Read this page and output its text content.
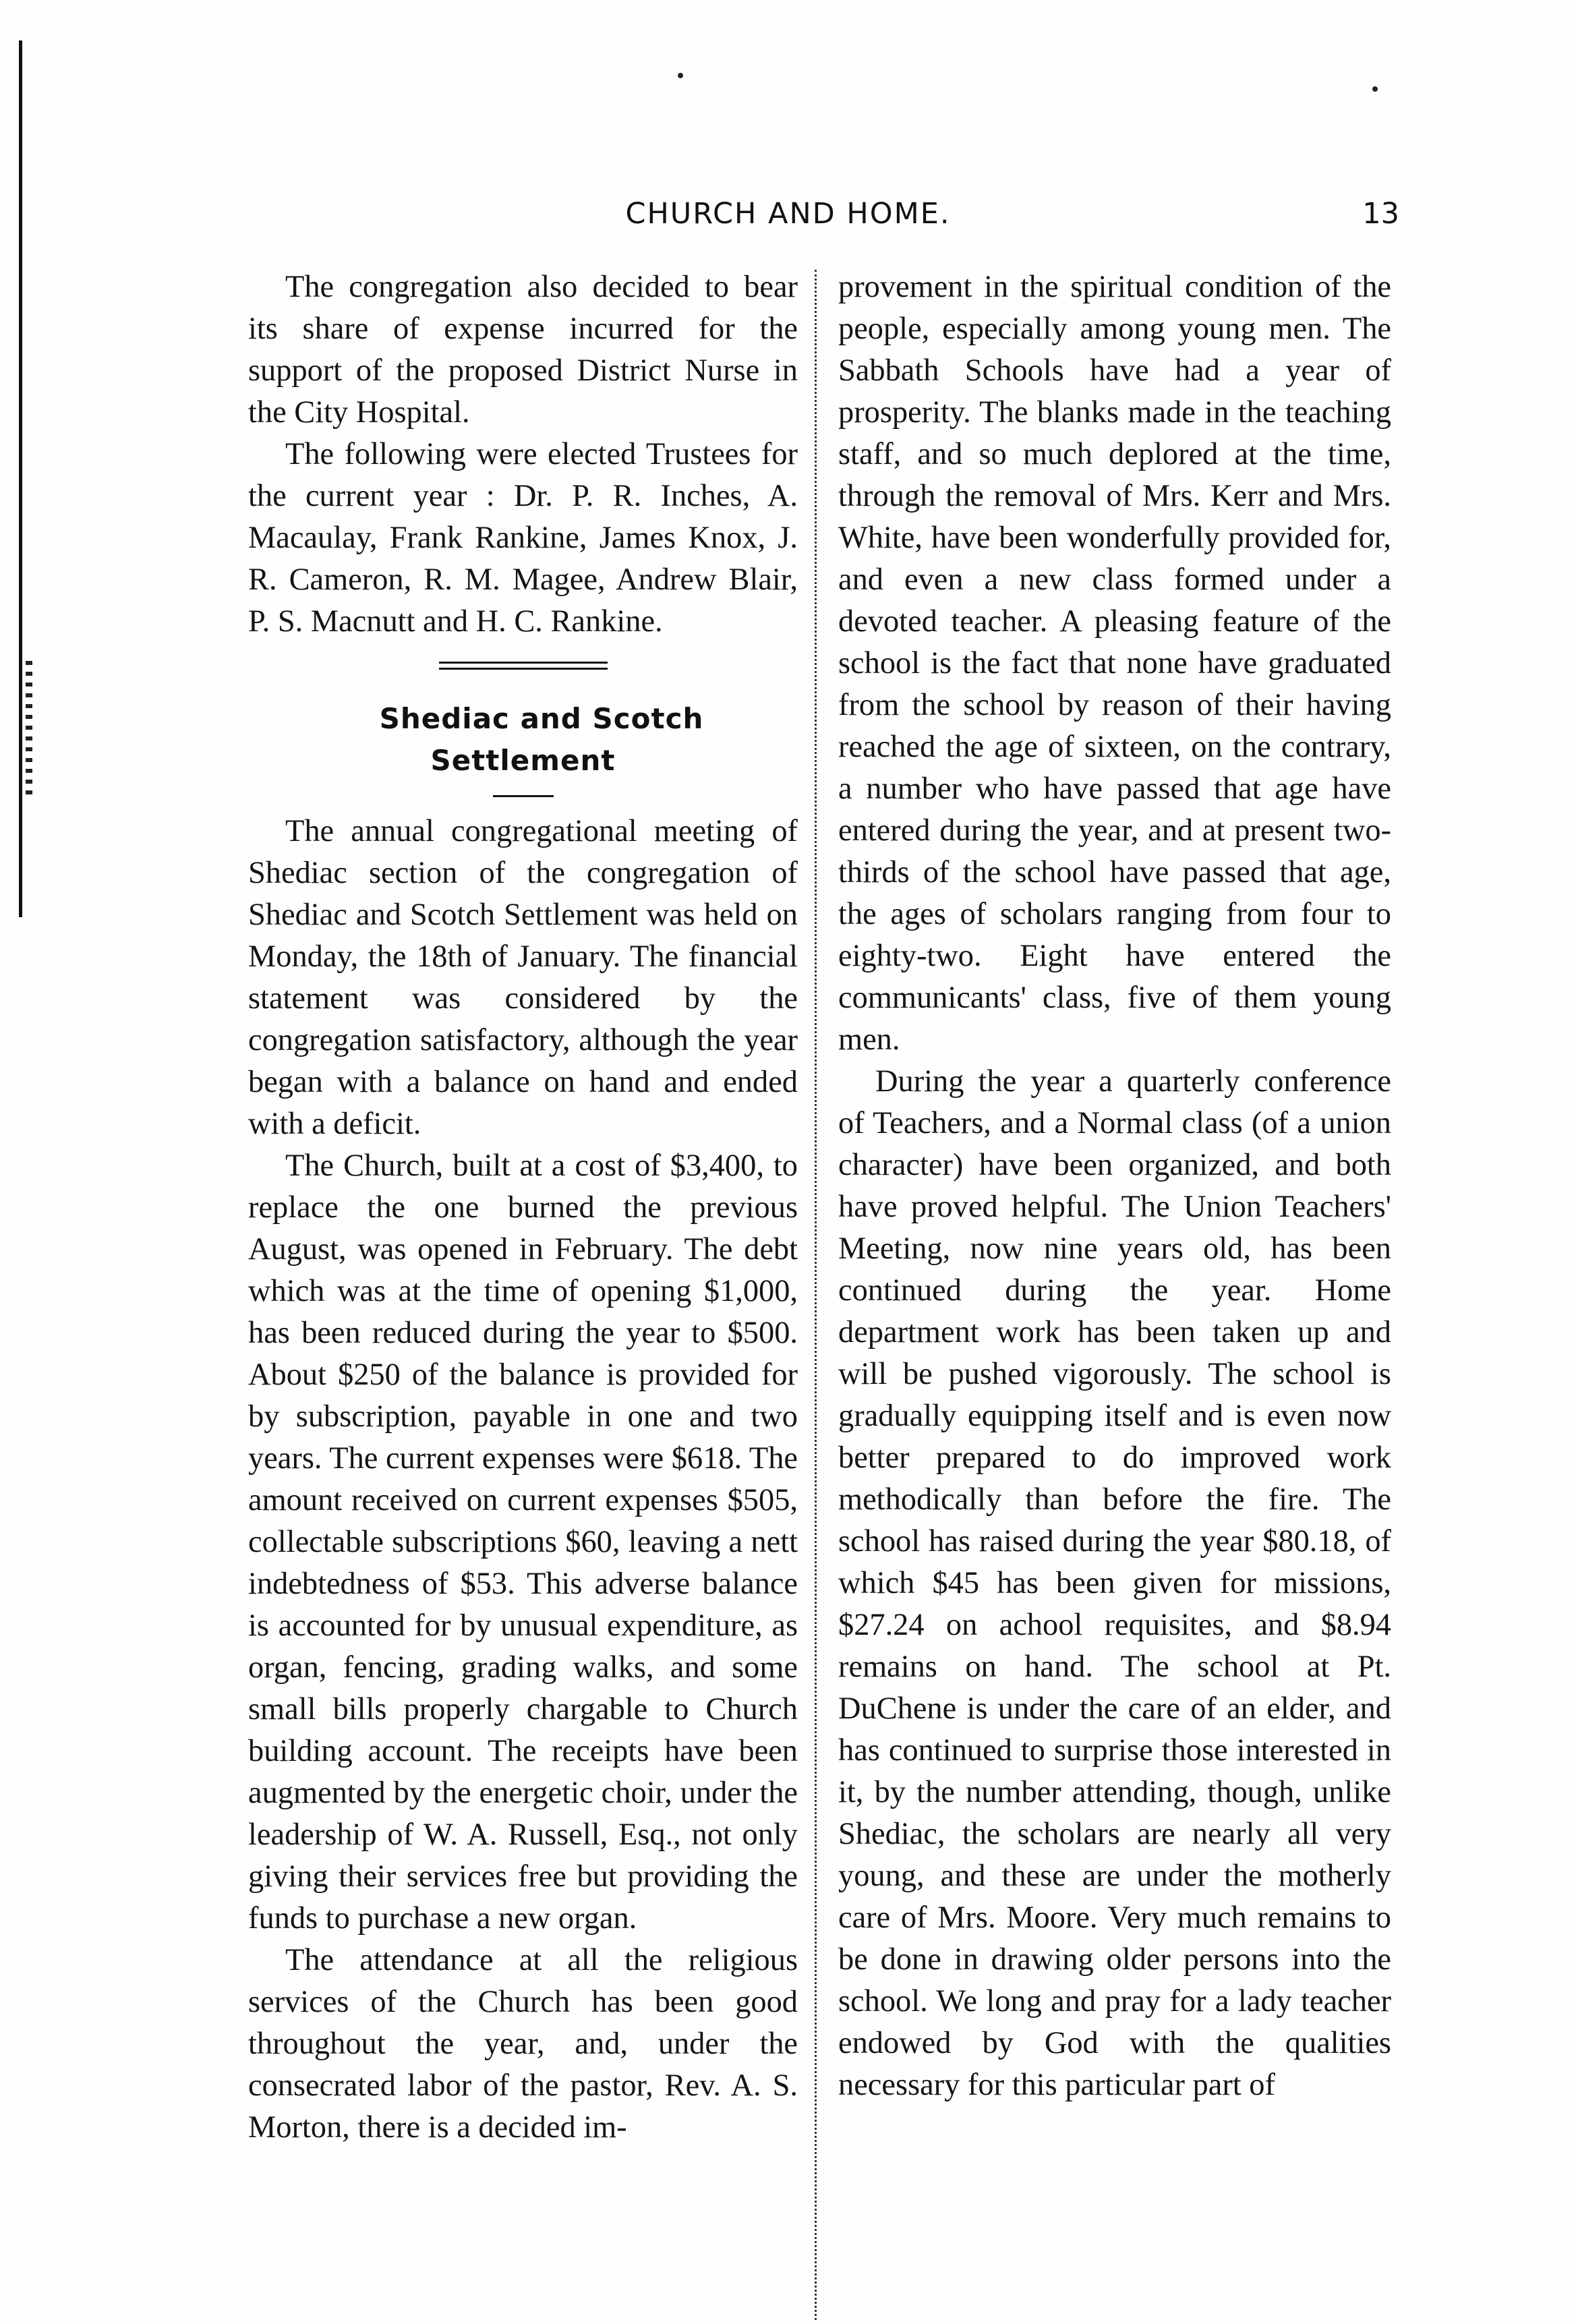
CHURCH AND HOME.	13

The congregation also decided to bear its share of expense incurred for the support of the proposed District Nurse in the City Hospital.

The following were elected Trustees for the current year : Dr. P. R. Inches, A. Macaulay, Frank Rankine, James Knox, J. R. Cameron, R. M. Magee, Andrew Blair, P. S. Macnutt and H. C. Rankine.

Shediac and Scotch Settlement

The annual congregational meeting of Shediac section of the congregation of Shediac and Scotch Settlement was held on Monday, the 18th of January. The financial statement was considered by the congregation satisfactory, although the year began with a balance on hand and ended with a deficit.

The Church, built at a cost of $3,400, to replace the one burned the previous August, was opened in February. The debt which was at the time of opening $1,000, has been reduced during the year to $500. About $250 of the balance is provided for by subscription, payable in one and two years. The current expenses were $618. The amount received on current expenses $505, collectable subscriptions $60, leaving a nett indebtedness of $53. This adverse balance is accounted for by unusual expenditure, as organ, fencing, grading walks, and some small bills properly chargable to Church building account. The receipts have been augmented by the energetic choir, under the leadership of W. A. Russell, Esq., not only giving their services free but providing the funds to purchase a new organ.

The attendance at all the religious services of the Church has been good throughout the year, and, under the consecrated labor of the pastor, Rev. A. S. Morton, there is a decided im-

provement in the spiritual condition of the people, especially among young men. The Sabbath Schools have had a year of prosperity. The blanks made in the teaching staff, and so much deplored at the time, through the removal of Mrs. Kerr and Mrs. White, have been wonderfully provided for, and even a new class formed under a devoted teacher. A pleasing feature of the school is the fact that none have graduated from the school by reason of their having reached the age of sixteen, on the contrary, a number who have passed that age have entered during the year, and at present two-thirds of the school have passed that age, the ages of scholars ranging from four to eighty-two. Eight have entered the communicants' class, five of them young men.

During the year a quarterly conference of Teachers, and a Normal class (of a union character) have been organized, and both have proved helpful. The Union Teachers' Meeting, now nine years old, has been continued during the year. Home department work has been taken up and will be pushed vigorously. The school is gradually equipping itself and is even now better prepared to do improved work methodically than before the fire. The school has raised during the year $80.18, of which $45 has been given for missions, $27.24 on achool requisites, and $8.94 remains on hand. The school at Pt. DuChene is under the care of an elder, and has continued to surprise those interested in it, by the number attending, though, unlike Shediac, the scholars are nearly all very young, and these are under the motherly care of Mrs. Moore. Very much remains to be done in drawing older persons into the school. We long and pray for a lady teacher endowed by God with the qualities necessary for this particular part of
